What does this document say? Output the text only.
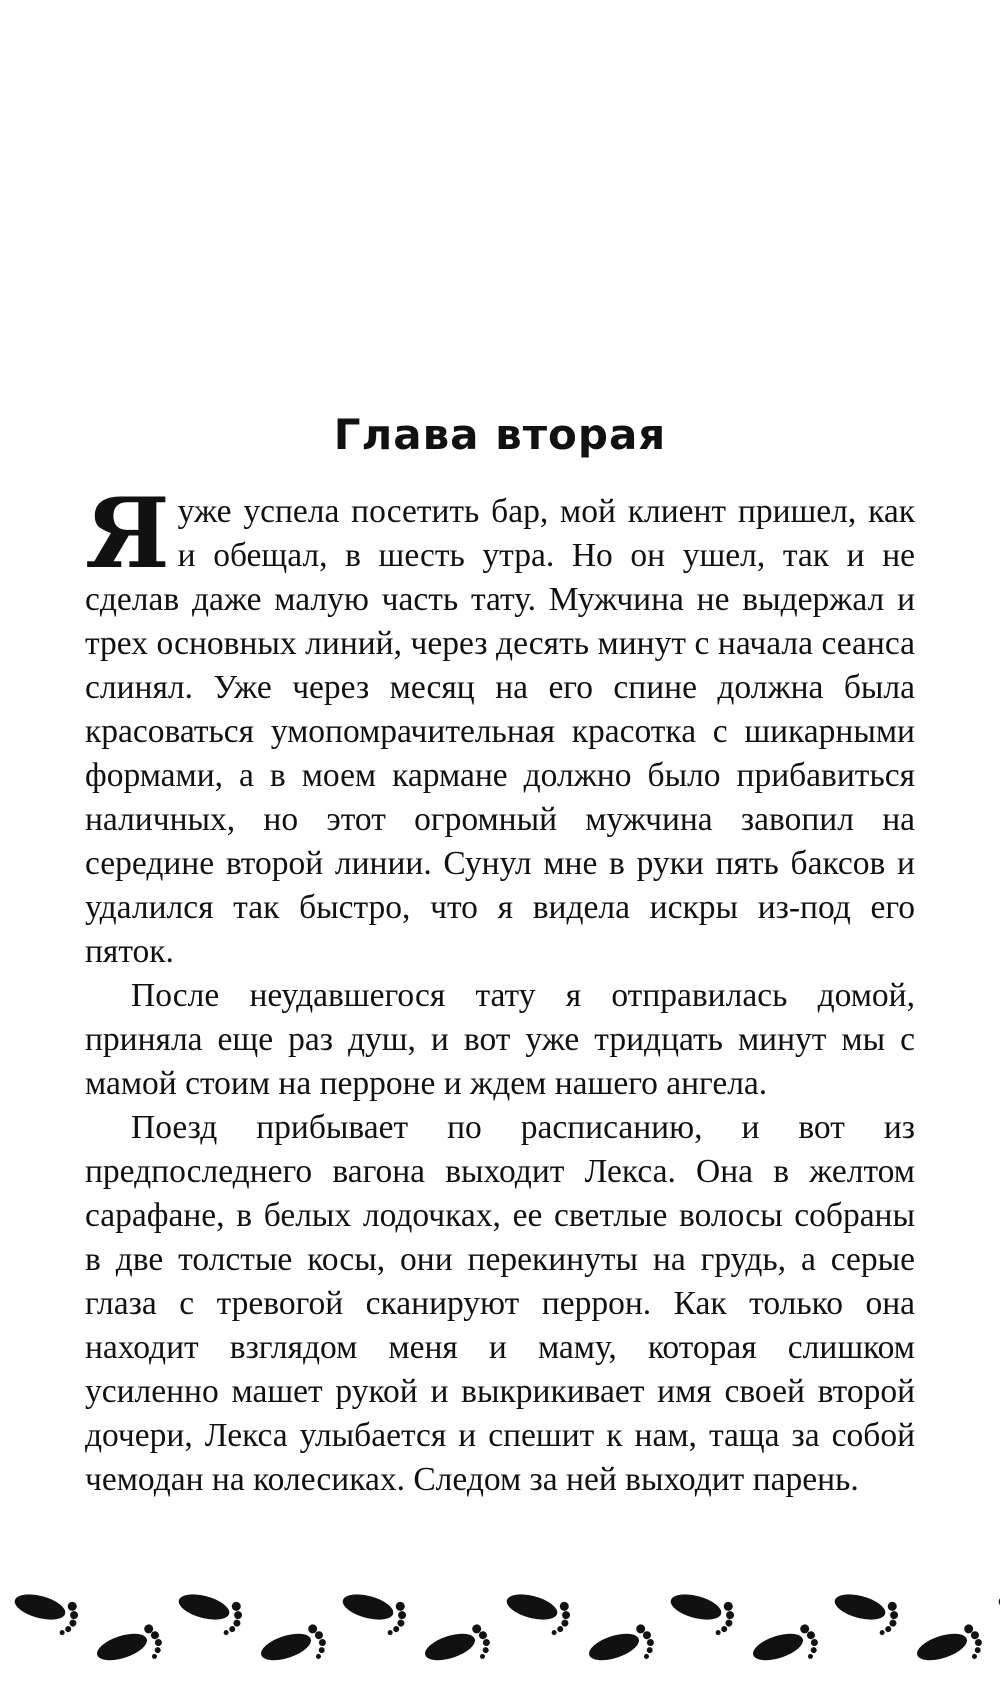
Глава вторая

Я уже успела посетить бар, мой клиент пришел, как и обещал, в шесть утра. Но он ушел, так и не сделав даже малую часть тату. Мужчина не выдержал и трех основных линий, через десять минут с начала сеанса слинял. Уже через месяц на его спине должна была красоваться умопомрачительная красотка с шикарными формами, а в моем кармане должно было прибавиться наличных, но этот огромный мужчина завопил на середине второй линии. Сунул мне в руки пять баксов и удалился так быстро, что я видела искры из-под его пяток.

После неудавшегося тату я отправилась домой, приняла еще раз душ, и вот уже тридцать минут мы с мамой стоим на перроне и ждем нашего ангела.

Поезд прибывает по расписанию, и вот из предпоследнего вагона выходит Лекса. Она в желтом сарафане, в белых лодочках, ее светлые волосы собраны в две толстые косы, они перекинуты на грудь, а серые глаза с тревогой сканируют перрон. Как только она находит взглядом меня и маму, которая слишком усиленно машет рукой и выкрикивает имя своей второй дочери, Лекса улыбается и спешит к нам, таща за собой чемодан на колесиках. Следом за ней выходит парень.
